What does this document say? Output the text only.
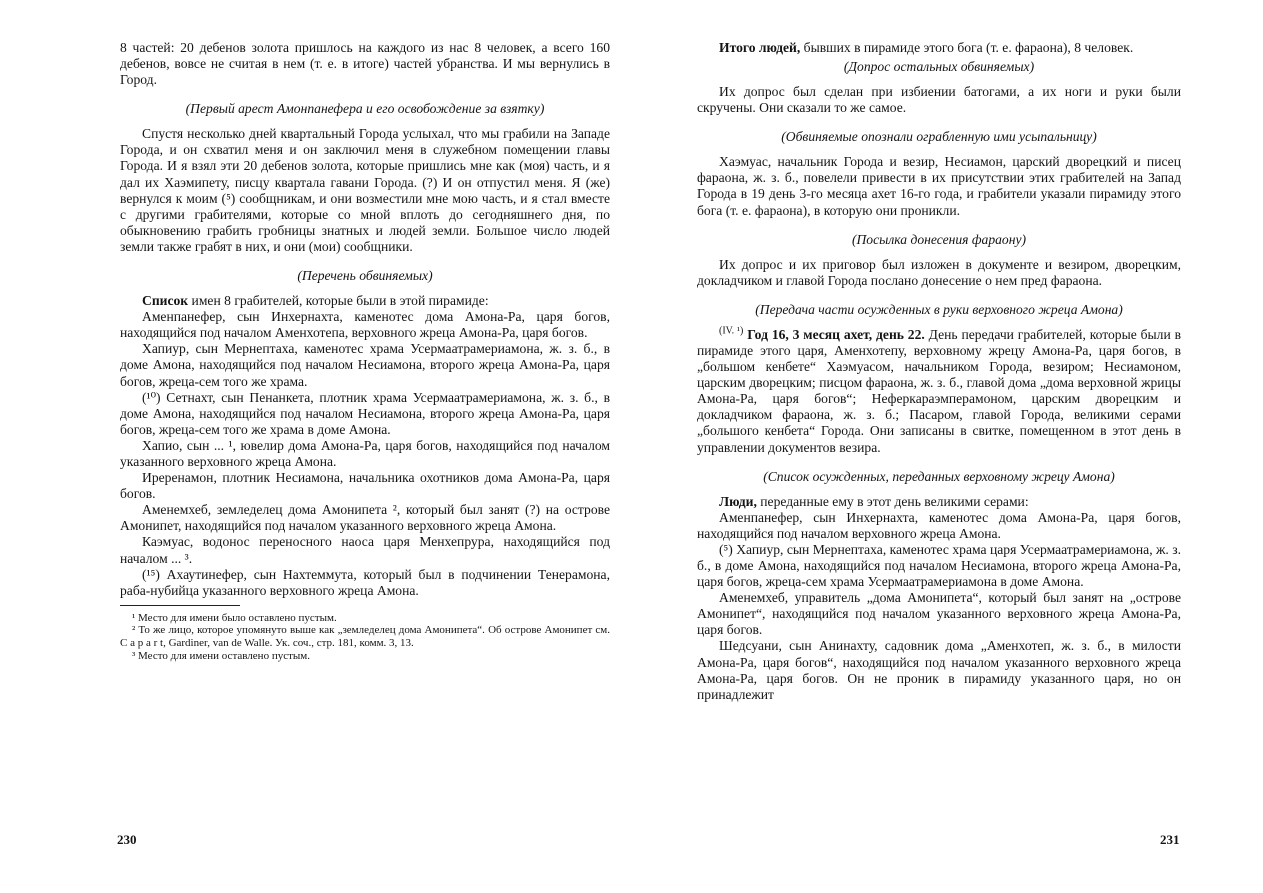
8 частей: 20 дебенов золота пришлось на каждого из нас 8 человек, а всего 160 дебенов, вовсе не считая в нем (т. е. в итоге) частей убранства. И мы вернулись в Город.

(Первый арест Амонпанефера и его освобождение за взятку)

Спустя несколько дней квартальный Города услыхал, что мы грабили на Западе Города, и он схватил меня и он заключил меня в служебном помещении главы Города. И я взял эти 20 дебенов золота, которые пришлись мне как (моя) часть, и я дал их Хаэмипету, писцу квартала гавани Города. (?) И он отпустил меня. Я (же) вернулся к моим (⁵) сообщникам, и они возместили мне мою часть, и я стал вместе с другими грабителями, которые со мной вплоть до сегодняшнего дня, по обыкновению грабить гробницы знатных и людей земли. Большое число людей земли также грабят в них, и они (мои) сообщники.

(Перечень обвиняемых)

Список имен 8 грабителей, которые были в этой пирамиде:

Аменпанефер, сын Инхернахта, каменотес дома Амона-Ра, царя богов, находящийся под началом Аменхотепа, верховного жреца Амона-Ра, царя богов.

Хапиур, сын Мернептаха, каменотес храма Усермаатрамериамона, ж. з. б., в доме Амона, находящийся под началом Несиамона, второго жреца Амона-Ра, царя богов, жреца-сем того же храма.

(¹⁰) Сетнахт, сын Пенанкета, плотник храма Усермаатрамериамона, ж. з. б., в доме Амона, находящийся под началом Несиамона, второго жреца Амона-Ра, царя богов, жреца-сем того же храма в доме Амона.

Хапио, сын ... ¹, ювелир дома Амона-Ра, царя богов, находящийся под началом указанного верховного жреца Амона.

Иреренамон, плотник Несиамона, начальника охотников дома Амона-Ра, царя богов.

Аменемхеб, земледелец дома Амонипета ², который был занят (?) на острове Амонипет, находящийся под началом указанного верховного жреца Амона.

Каэмуас, водонос переносного наоса царя Менхепрура, находящийся под началом ... ³.

(¹⁵) Ахаутинефер, сын Нахтеммута, который был в подчинении Тенерамона, раба-нубийца указанного верховного жреца Амона.

¹ Место для имени было оставлено пустым.

² То же лицо, которое упомянуто выше как „земледелец дома Амонипета“. Об острове Амонипет см. C a p a r t, Gardiner, van de Walle. Ук. соч., стр. 181, комм. 3, 13.

³ Место для имени оставлено пустым.

Итого людей, бывших в пирамиде этого бога (т. е. фараона), 8 человек.

(Допрос остальных обвиняемых)

Их допрос был сделан при избиении батогами, а их ноги и руки были скручены. Они сказали то же самое.

(Обвиняемые опознали ограбленную ими усыпальницу)

Хаэмуас, начальник Города и везир, Несиамон, царский дворецкий и писец фараона, ж. з. б., повелели привести в их присутствии этих грабителей на Запад Города в 19 день 3-го месяца ахет 16-го года, и грабители указали пирамиду этого бога (т. е. фараона), в которую они проникли.

(Посылка донесения фараону)

Их допрос и их приговор был изложен в документе и везиром, дворецким, докладчиком и главой Города послано донесение о нем пред фараона.

(Передача части осужденных в руки верховного жреца Амона)

$^{(IV. ^1)}$ Год 16, 3 месяц ахет, день 22. День передачи грабителей, которые были в пирамиде этого царя, Аменхотепу, верховному жрецу Амона-Ра, царя богов, в „большом кенбете“ Хаэмуасом, начальником Города, везиром; Несиамоном, царским дворецким; писцом фараона, ж. з. б., главой дома „дома верховной жрицы Амона-Ра, царя богов“; Неферкараэмперамоном, царским дворецким и докладчиком фараона, ж. з. б.; Пасаром, главой Города, великими серами „большого кенбета“ Города. Они записаны в свитке, помещенном в этот день в управлении документов везира.

(Список осужденных, переданных верховному жрецу Амона)

Люди, переданные ему в этот день великими серами:

Аменпанефер, сын Инхернахта, каменотес дома Амона-Ра, царя богов, находящийся под началом верховного жреца Амона.

(⁵) Хапиур, сын Мернептаха, каменотес храма царя Усермаатрамериамона, ж. з. б., в доме Амона, находящийся под началом Несиамона, второго жреца Амона-Ра, царя богов, жреца-сем храма Усермаатрамериамона в доме Амона.

Аменемхеб, управитель „дома Амонипета“, который был занят на „острове Амонипет“, находящийся под началом указанного верховного жреца Амона-Ра, царя богов.

Шедсуани, сын Анинахту, садовник дома „Аменхотеп, ж. з. б., в милости Амона-Ра, царя богов“, находящийся под началом указанного верховного жреца Амона-Ра, царя богов. Он не проник в пирамиду указанного царя, но он принадлежит

230	231
